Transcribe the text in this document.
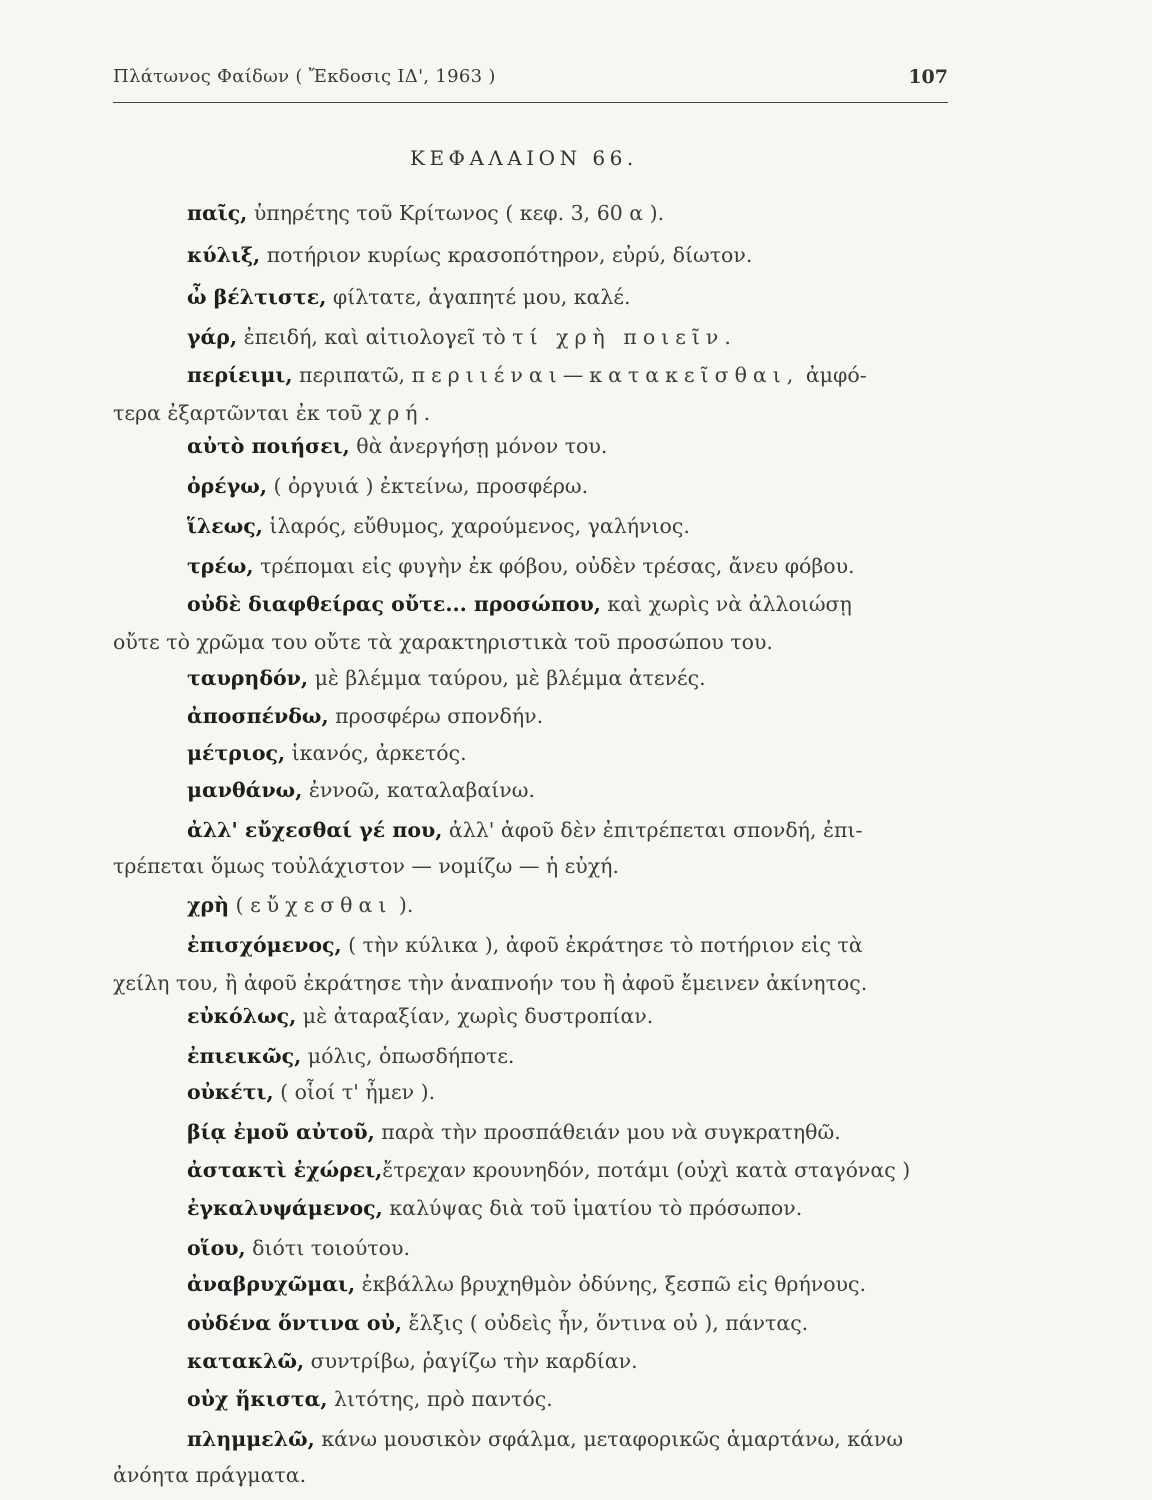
Πλάτωνος Φαίδων ( Ἔκδοσις ΙΔ', 1963 )	107
ΚΕΦΑΛΑΙΟΝ 66.
παῖς, ὑπηρέτης τοῦ Κρίτωνος ( κεφ. 3, 60 α ).
κύλιξ, ποτήριον κυρίως κρασοπότηρον, εὐρύ, δίωτον.
ὦ βέλτιστε, φίλτατε, ἀγαπητέ μου, καλέ.
γάρ, ἐπειδή, καὶ αἰτιολογεῖ τὸ τί χρὴ ποιεῖν.
περίειμι, περιπατῶ, περιιέναι—κατακεῖσθαι, ἀμφό-
τερα ἐξαρτῶνται ἐκ τοῦ χρή.
αὐτὸ ποιήσει, θὰ ἀνεργήσῃ μόνον του.
ὀρέγω, ( ὀργυιά ) ἐκτείνω, προσφέρω.
ἵλεως, ἱλαρός, εὔθυμος, χαρούμενος, γαλήνιος.
τρέω, τρέπομαι εἰς φυγὴν ἐκ φόβου, οὐδὲν τρέσας, ἄνευ φόβου.
οὐδὲ διαφθείρας οὔτε... προσώπου, καὶ χωρὶς νὰ ἀλλοιώσῃ
οὔτε τὸ χρῶμα του οὔτε τὰ χαρακτηριστικὰ τοῦ προσώπου του.
ταυρηδόν, μὲ βλέμμα ταύρου, μὲ βλέμμα ἀτενές.
ἀποσπένδω, προσφέρω σπονδήν.
μέτριος, ἱκανός, ἀρκετός.
μανθάνω, ἐννοῶ, καταλαβαίνω.
ἀλλ' εὔχεσθαί γέ που, ἀλλ' ἀφοῦ δὲν ἐπιτρέπεται σπονδή, ἐπι-
τρέπεται ὅμως τοὐλάχιστον — νομίζω — ἡ εὐχή.
χρὴ ( εὔχεσθαι ).
ἐπισχόμενος, ( τὴν κύλικα ), ἀφοῦ ἐκράτησε τὸ ποτήριον εἰς τὰ
χείλη του, ἢ ἀφοῦ ἐκράτησε τὴν ἀναπνοήν του ἢ ἀφοῦ ἔμεινεν ἀκίνητος.
εὐκόλως, μὲ ἀταραξίαν, χωρὶς δυστροπίαν.
ἐπιεικῶς, μόλις, ὁπωσδήποτε.
οὐκέτι, ( οἷοί τ' ἦμεν ).
βίᾳ ἐμοῦ αὐτοῦ, παρὰ τὴν προσπάθειάν μου νὰ συγκρατηθῶ.
ἀστακτὶ ἐχώρει,ἔτρεχαν κρουνηδόν, ποτάμι (οὐχὶ κατὰ σταγόνας )
ἐγκαλυψάμενος, καλύψας διὰ τοῦ ἱματίου τὸ πρόσωπον.
οἵου, διότι τοιούτου.
ἀναβρυχῶμαι, ἐκβάλλω βρυχηθμὸν ὀδύνης, ξεσπῶ εἰς θρήνους.
οὐδένα ὅντινα οὐ, ἔλξις ( οὐδεὶς ἦν, ὅντινα οὐ ), πάντας.
κατακλῶ, συντρίβω, ῥαγίζω τὴν καρδίαν.
οὐχ ἥκιστα, λιτότης, πρὸ παντός.
πλημμελῶ, κάνω μουσικὸν σφάλμα, μεταφορικῶς ἁμαρτάνω, κάνω
ἀνόητα πράγματα.
